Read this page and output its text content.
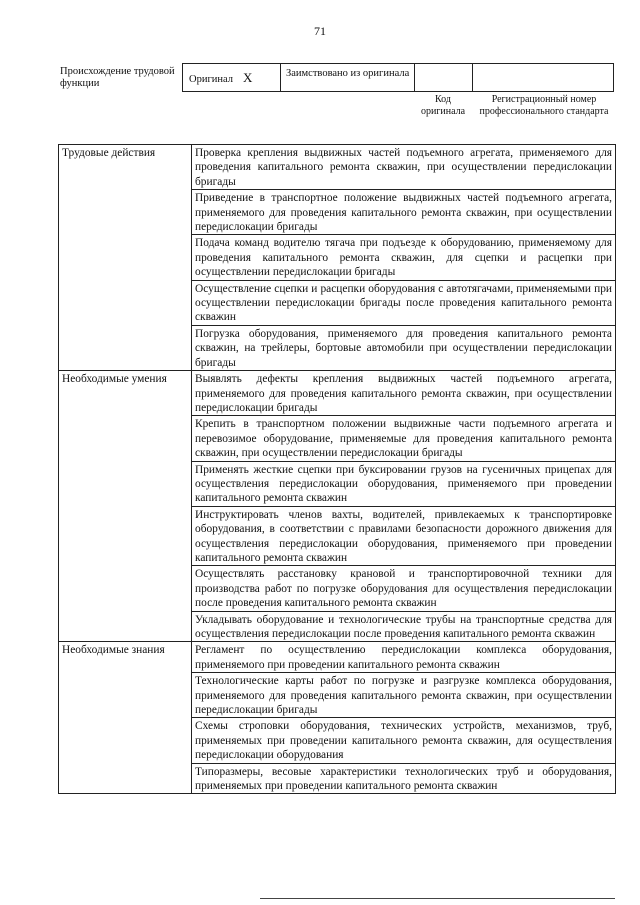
71
Происхождение трудовой функции	Оригинал X	Заимствовано из оригинала
Код оригинала
Регистрационный номер профессионального стандарта
Трудовые действия	Проверка крепления выдвижных частей подъемного агрегата, применяемого для проведения капитального ремонта скважин, при осуществлении передислокации бригады
	Приведение в транспортное положение выдвижных частей подъемного агрегата, применяемого для проведения капитального ремонта скважин, при осуществлении передислокации бригады
	Подача команд водителю тягача при подъезде к оборудованию, применяемому для проведения капитального ремонта скважин, для сцепки и расцепки при осуществлении передислокации бригады
	Осуществление сцепки и расцепки оборудования с автотягачами, применяемыми при осуществлении передислокации бригады после проведения капитального ремонта скважин
	Погрузка оборудования, применяемого для проведения капитального ремонта скважин, на трейлеры, бортовые автомобили при осуществлении передислокации бригады
Необходимые умения	Выявлять дефекты крепления выдвижных частей подъемного агрегата, применяемого для проведения капитального ремонта скважин, при осуществлении передислокации бригады
	Крепить в транспортном положении выдвижные части подъемного агрегата и перевозимое оборудование, применяемые для проведения капитального ремонта скважин, при осуществлении передислокации бригады
	Применять жесткие сцепки при буксировании грузов на гусеничных прицепах для осуществления передислокации оборудования, применяемого при проведении капитального ремонта скважин
	Инструктировать членов вахты, водителей, привлекаемых к транспортировке оборудования, в соответствии с правилами безопасности дорожного движения для осуществления передислокации оборудования, применяемого при проведении капитального ремонта скважин
	Осуществлять расстановку крановой и транспортировочной техники для производства работ по погрузке оборудования для осуществления передислокации после проведения капитального ремонта скважин
	Укладывать оборудование и технологические трубы на транспортные средства для осуществления передислокации после проведения капитального ремонта скважин
Необходимые знания	Регламент по осуществлению передислокации комплекса оборудования, применяемого при проведении капитального ремонта скважин
	Технологические карты работ по погрузке и разгрузке комплекса оборудования, применяемого для проведения капитального ремонта скважин, при осуществлении передислокации бригады
	Схемы строповки оборудования, технических устройств, механизмов, труб, применяемых при проведении капитального ремонта скважин, для осуществления передислокации оборудования
	Типоразмеры, весовые характеристики технологических труб и оборудования, применяемых при проведении капитального ремонта скважин
